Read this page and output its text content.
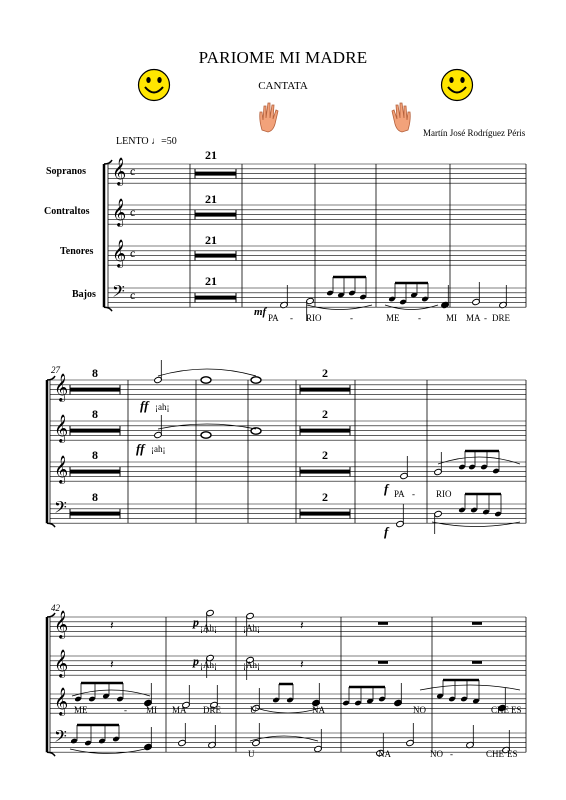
PARIOME MI MADRE
CANTATA
Martín José Rodríguez Péris
LENTO ♩=50
Sopranos
Contraltos
Tenores
Bajos
𝄞 c
𝄞 c
𝄞 c
𝄢 c
𝄞
𝄞
𝄞
𝄢
𝄞
𝄞
𝄞
𝄢
𝄽
𝄽
𝄽
𝄽
27
42
21
21
21
21
mf PA - RIO	-	ME -	MI MA - DRE
8
8
8
8
2
2
2
2
ff ¡ah¡
ff ¡ah¡
f
f
PA - RIO
p ¡Ah¡	¡Ah¡
p ¡Ah¡	¡Ah¡
ME	- MI MA DRE	U	NA	NO	CHE ES
U	NA	NO -	CHE ES
